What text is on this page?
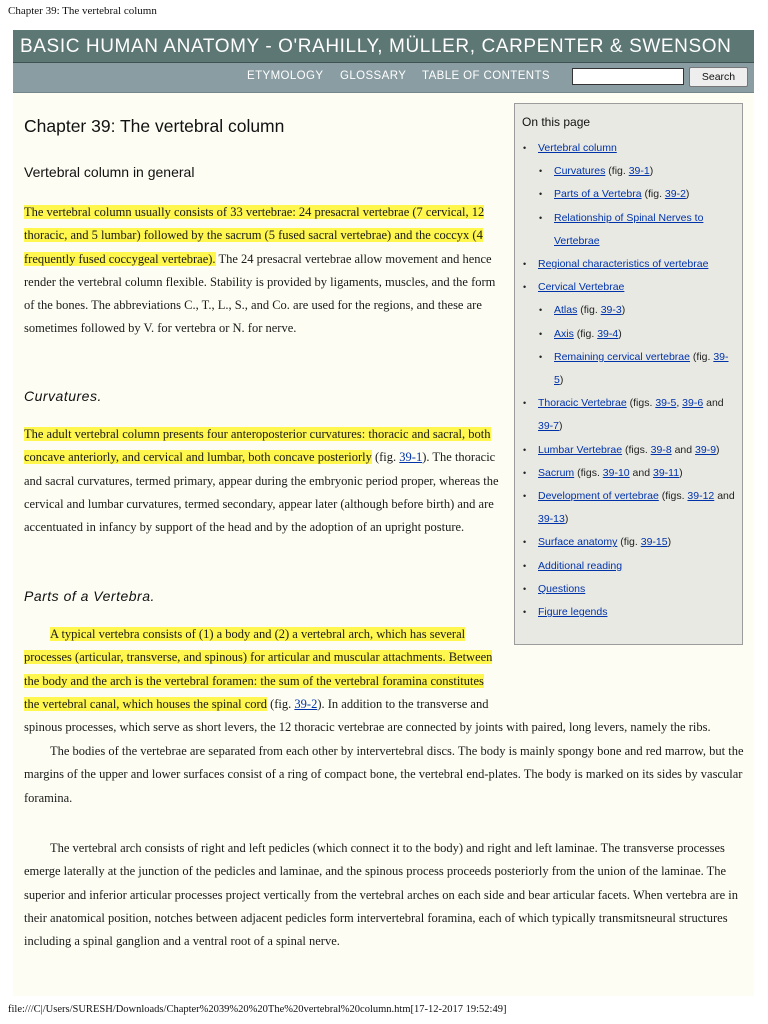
Chapter 39: The vertebral column
BASIC HUMAN ANATOMY - O'RAHILLY, MÜLLER, CARPENTER & SWENSON
ETYMOLOGY GLOSSARY TABLE OF CONTENTS	Search
Chapter 39: The vertebral column	On this page
• Vertebral column
• Curvatures (fig. 39-1)
• Parts of a Vertebra (fig. 39-2)
• Relationship of Spinal Nerves to Vertebrae
• Regional characteristics of vertebrae
• Cervical Vertebrae
• Atlas (fig. 39-3)
• Axis (fig. 39-4)
• Remaining cervical vertebrae (fig. 39-5)
• Thoracic Vertebrae (figs. 39-5, 39-6 and 39-7)
• Lumbar Vertebrae (figs. 39-8 and 39-9)
• Sacrum (figs. 39-10 and 39-11)
• Development of vertebrae (figs. 39-12 and 39-13)
• Surface anatomy (fig. 39-15)
• Additional reading
• Questions
• Figure legends
Vertebral column in general

The vertebral column usually consists of 33 vertebrae: 24 presacral vertebrae (7 cervical, 12 thoracic, and 5 lumbar) followed by the sacrum (5 fused sacral vertebrae) and the coccyx (4 frequently fused coccygeal vertebrae). The 24 presacral vertebrae allow movement and hence render the vertebral column flexible. Stability is provided by ligaments, muscles, and the form of the bones. The abbreviations C., T., L., S., and Co. are used for the regions, and these are sometimes followed by V. for vertebra or N. for nerve.

Curvatures.

The adult vertebral column presents four anteroposterior curvatures: thoracic and sacral, both concave anteriorly, and cervical and lumbar, both concave posteriorly (fig. 39-1). The thoracic and sacral curvatures, termed primary, appear during the embryonic period proper, whereas the cervical and lumbar curvatures, termed secondary, appear later (although before birth) and are accentuated in infancy by support of the head and by the adoption of an upright posture.

Parts of a Vertebra.

A typical vertebra consists of (1) a body and (2) a vertebral arch, which has several processes (articular, transverse, and spinous) for articular and muscular attachments. Between the body and the arch is the vertebral foramen: the sum of the vertebral foramina constitutes the vertebral canal, which houses the spinal cord (fig. 39-2). In addition to the transverse and spinous processes, which serve as short levers, the 12 thoracic vertebrae are connected by joints with paired, long levers, namely the ribs.

The bodies of the vertebrae are separated from each other by intervertebral discs. The body is mainly spongy bone and red marrow, but the margins of the upper and lower surfaces consist of a ring of compact bone, the vertebral end-plates. The body is marked on its sides by vascular foramina.

The vertebral arch consists of right and left pedicles (which connect it to the body) and right and left laminae. The transverse processes emerge laterally at the junction of the pedicles and laminae, and the spinous process proceeds posteriorly from the union of the laminae. The superior and inferior articular processes project vertically from the vertebral arches on each side and bear articular facets. When vertebra are in their anatomical position, notches between adjacent pedicles form intervertebral foramina, each of which typically transmitsneural structures including a spinal ganglion and a ventral root of a spinal nerve.

file:///C|/Users/SURESH/Downloads/Chapter%2039%20%20The%20vertebral%20column.htm[17-12-2017 19:52:49]
